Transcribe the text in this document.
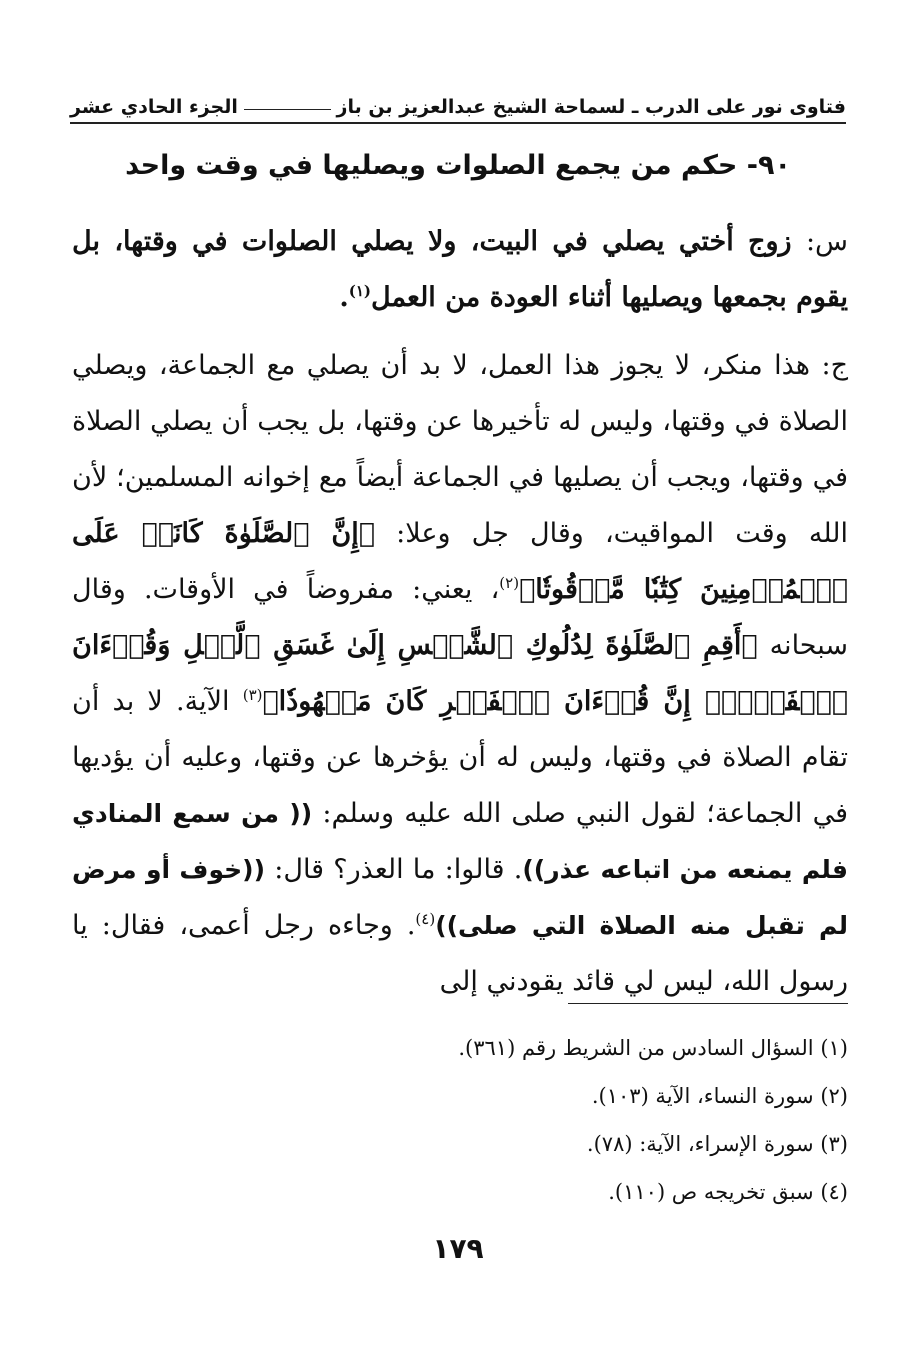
فتاوى نور على الدرب ـ لسماحة الشيخ عبدالعزيز بن باز
الجزء الحادي عشر
٩٠- حكم من يجمع الصلوات ويصليها في وقت واحد

س: زوج أختي يصلي في البيت، ولا يصلي الصلوات في وقتها، بل يقوم بجمعها ويصليها أثناء العودة من العمل$^{(١)}$.

ج: هذا منكر، لا يجوز هذا العمل، لا بد أن يصلي مع الجماعة، ويصلي الصلاة في وقتها، وليس له تأخيرها عن وقتها، بل يجب أن يصلي الصلاة في وقتها، ويجب أن يصليها في الجماعة أيضاً مع إخوانه المسلمين؛ لأن الله وقت المواقيت، وقال جل وعلا: ﴿إِنَّ ٱلصَّلَوٰةَ كَانَتۡ عَلَى ٱلۡمُؤۡمِنِينَ كِتَٰبٗا مَّوۡقُوتٗا﴾$^{(٢)}$، يعني: مفروضاً في الأوقات. وقال سبحانه ﴿أَقِمِ ٱلصَّلَوٰةَ لِدُلُوكِ ٱلشَّمۡسِ إِلَىٰ غَسَقِ ٱلَّيۡلِ وَقُرۡءَانَ ٱلۡفَجۡرِۖ إِنَّ قُرۡءَانَ ٱلۡفَجۡرِ كَانَ مَشۡهُودٗا﴾$^{(٣)}$ الآية. لا بد أن تقام الصلاة في وقتها، وليس له أن يؤخرها عن وقتها، وعليه أن يؤديها في الجماعة؛ لقول النبي صلى الله عليه وسلم: (( من سمع المنادي فلم يمنعه من اتباعه عذر)). قالوا: ما العذر؟ قال: ((خوف أو مرض لم تقبل منه الصلاة التي صلى))$^{(٤)}$. وجاءه رجل أعمى، فقال: يا رسول الله، ليس لي قائد يقودني إلى

(١) السؤال السادس من الشريط رقم (٣٦١).
(٢) سورة النساء، الآية (١٠٣).
(٣) سورة الإسراء، الآية: (٧٨).
(٤) سبق تخريجه ص (١١٠).
١٧٩
